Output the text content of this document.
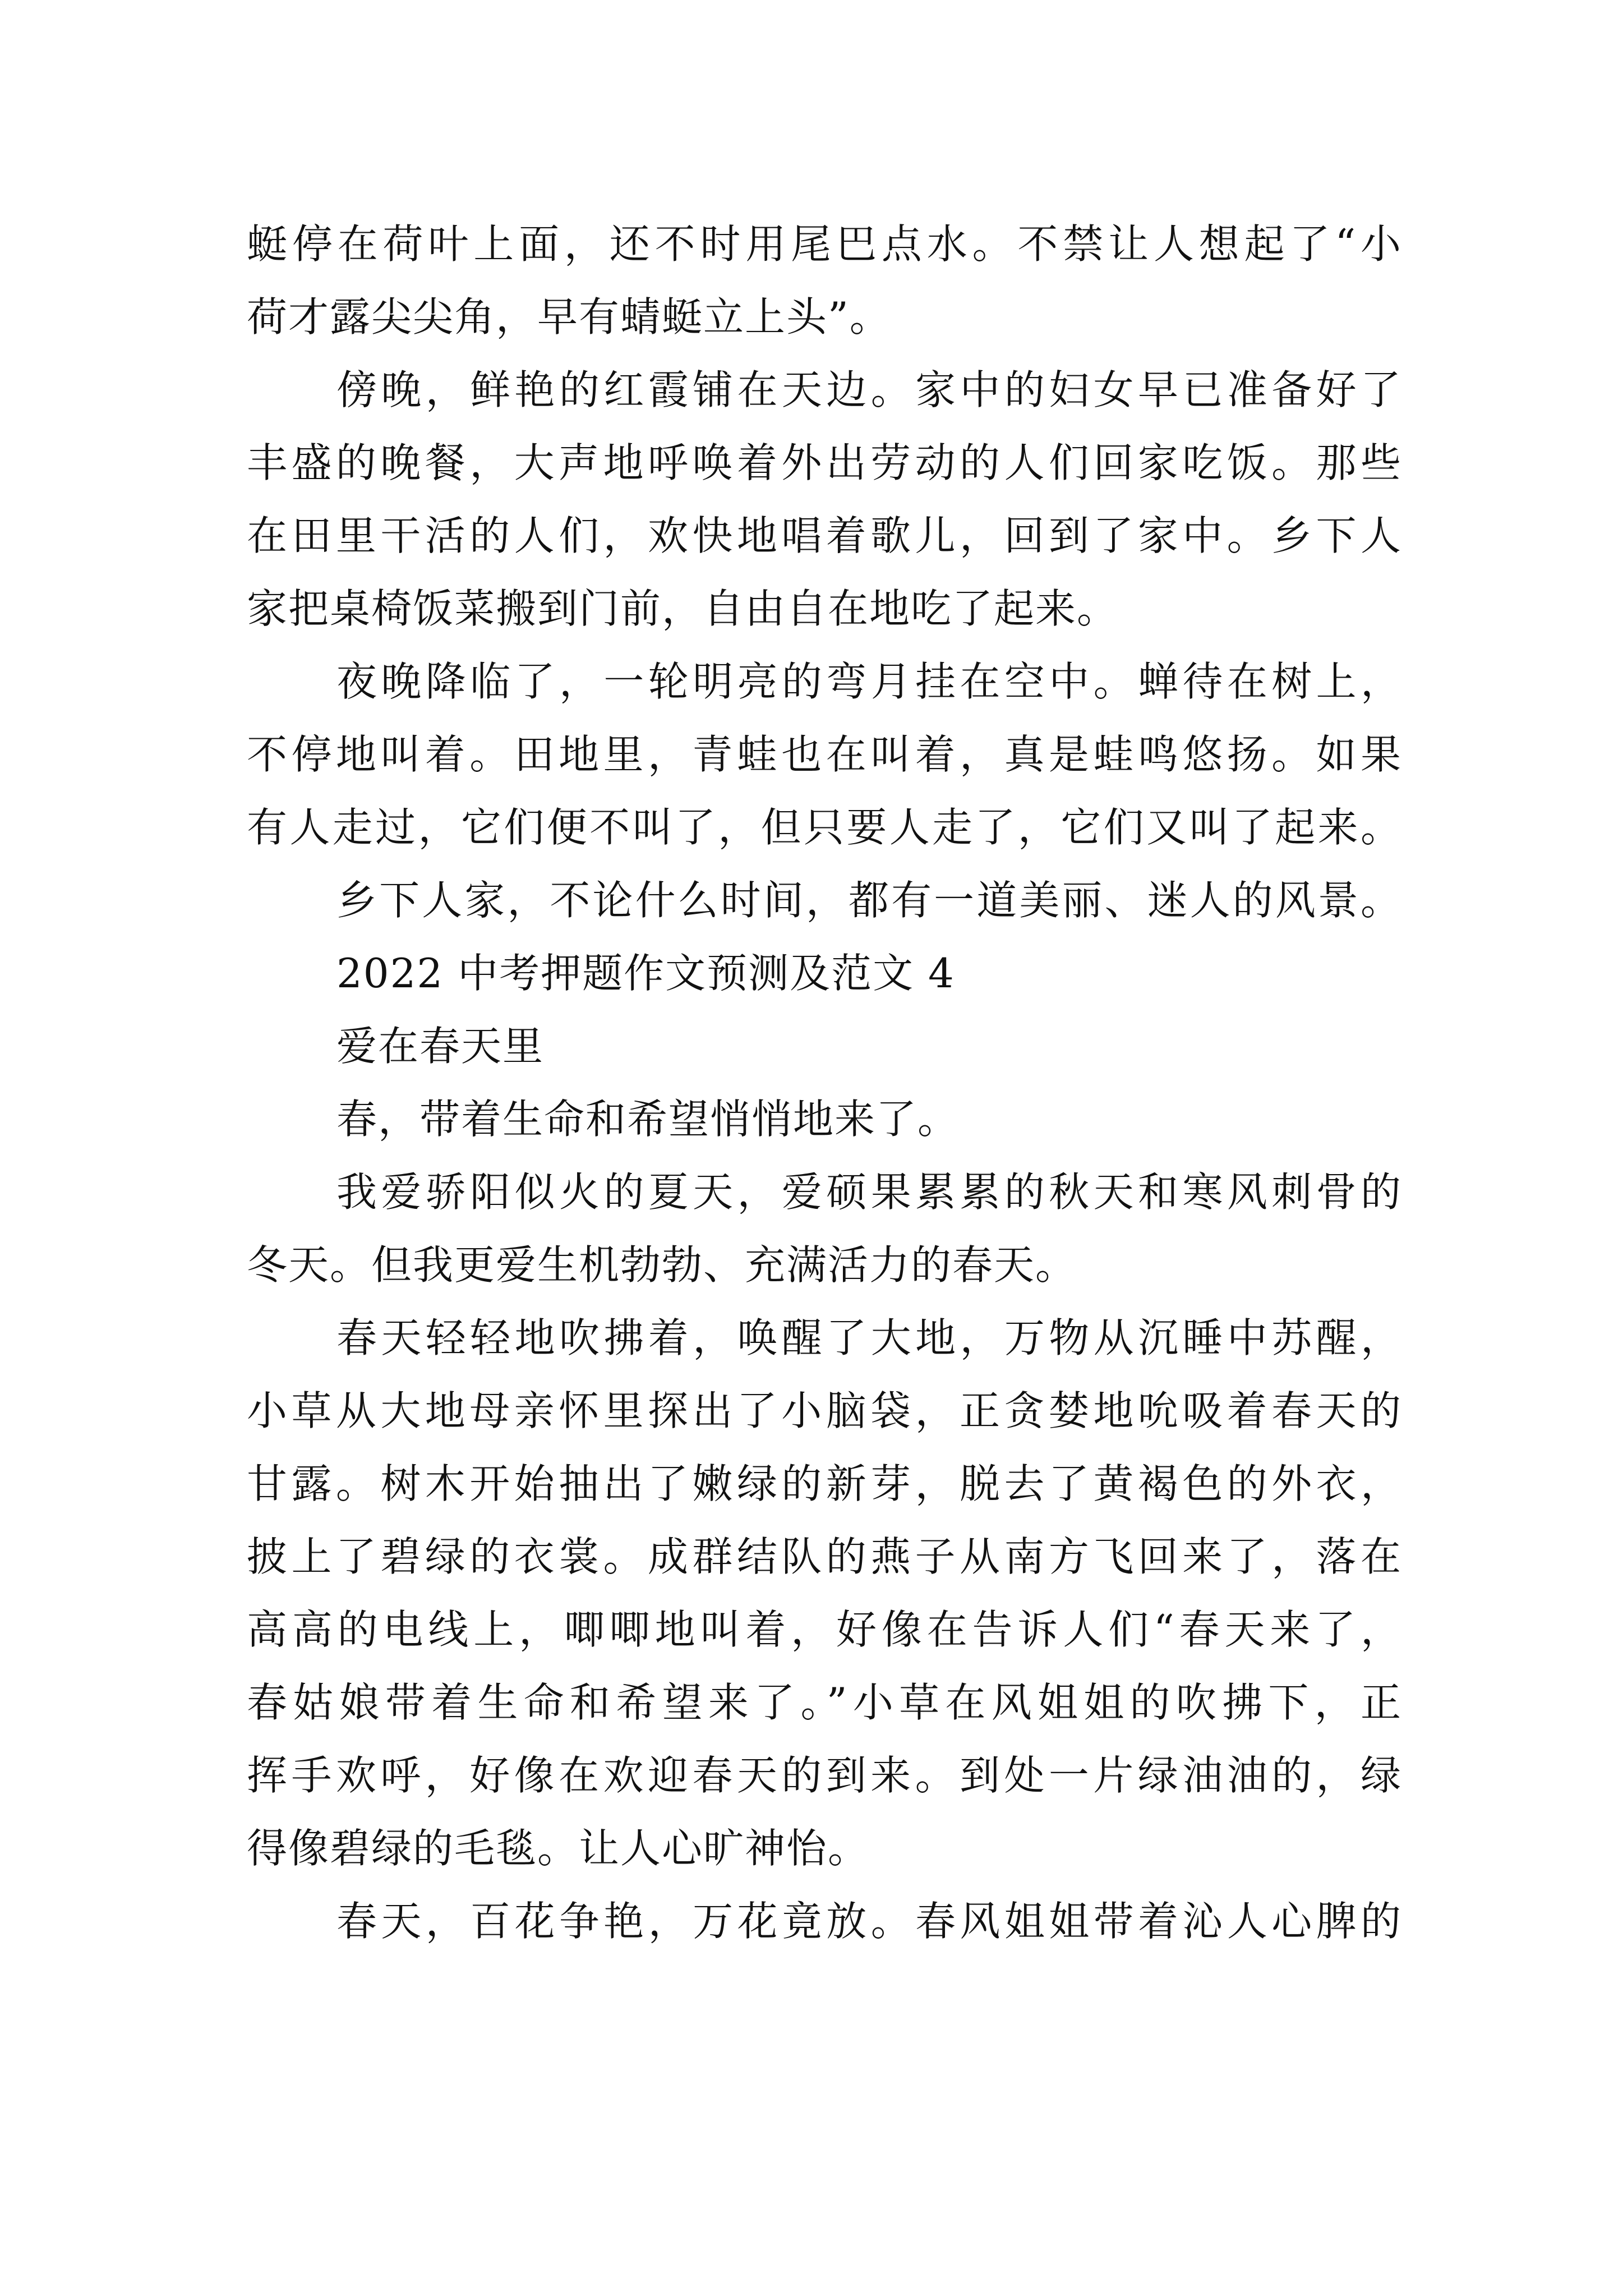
蜓停在荷叶上面，还不时用尾巴点水。不禁让人想起了“小
荷才露尖尖角，早有蜻蜓立上头”。
傍晚，鲜艳的红霞铺在天边。家中的妇女早已准备好了
丰盛的晚餐，大声地呼唤着外出劳动的人们回家吃饭。那些
在田里干活的人们，欢快地唱着歌儿，回到了家中。乡下人
家把桌椅饭菜搬到门前，自由自在地吃了起来。
夜晚降临了，一轮明亮的弯月挂在空中。蝉待在树上，
不停地叫着。田地里，青蛙也在叫着，真是蛙鸣悠扬。如果
有人走过，它们便不叫了，但只要人走了，它们又叫了起来。
乡下人家，不论什么时间，都有一道美丽、迷人的风景。
2022 中考押题作文预测及范文 4
爱在春天里
春，带着生命和希望悄悄地来了。
我爱骄阳似火的夏天，爱硕果累累的秋天和寒风刺骨的
冬天。但我更爱生机勃勃、充满活力的春天。
春天轻轻地吹拂着，唤醒了大地，万物从沉睡中苏醒，
小草从大地母亲怀里探出了小脑袋，正贪婪地吮吸着春天的
甘露。树木开始抽出了嫩绿的新芽，脱去了黄褐色的外衣，
披上了碧绿的衣裳。成群结队的燕子从南方飞回来了，落在
高高的电线上，唧唧地叫着，好像在告诉人们“春天来了，
春姑娘带着生命和希望来了。”小草在风姐姐的吹拂下，正
挥手欢呼，好像在欢迎春天的到来。到处一片绿油油的，绿
得像碧绿的毛毯。让人心旷神怡。
春天，百花争艳，万花竟放。春风姐姐带着沁人心脾的
